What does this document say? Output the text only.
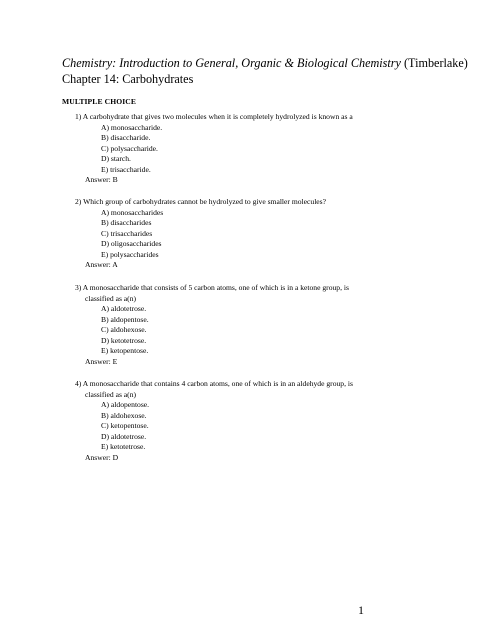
Chemistry: Introduction to General, Organic & Biological Chemistry (Timberlake)
Chapter 14: Carbohydrates
MULTIPLE CHOICE
1) A carbohydrate that gives two molecules when it is completely hydrolyzed is known as a
A) monosaccharide.
B) disaccharide.
C) polysaccharide.
D) starch.
E) trisaccharide.
Answer: B
2) Which group of carbohydrates cannot be hydrolyzed to give smaller molecules?
A) monosaccharides
B) disaccharides
C) trisaccharides
D) oligosaccharides
E) polysaccharides
Answer: A
3) A monosaccharide that consists of 5 carbon atoms, one of which is in a ketone group, is
classified as a(n)
A) aldotetrose.
B) aldopentose.
C) aldohexose.
D) ketotetrose.
E) ketopentose.
Answer: E
4) A monosaccharide that contains 4 carbon atoms, one of which is in an aldehyde group, is
classified as a(n)
A) aldopentose.
B) aldohexose.
C) ketopentose.
D) aldotetrose.
E) ketotetrose.
Answer: D
1
